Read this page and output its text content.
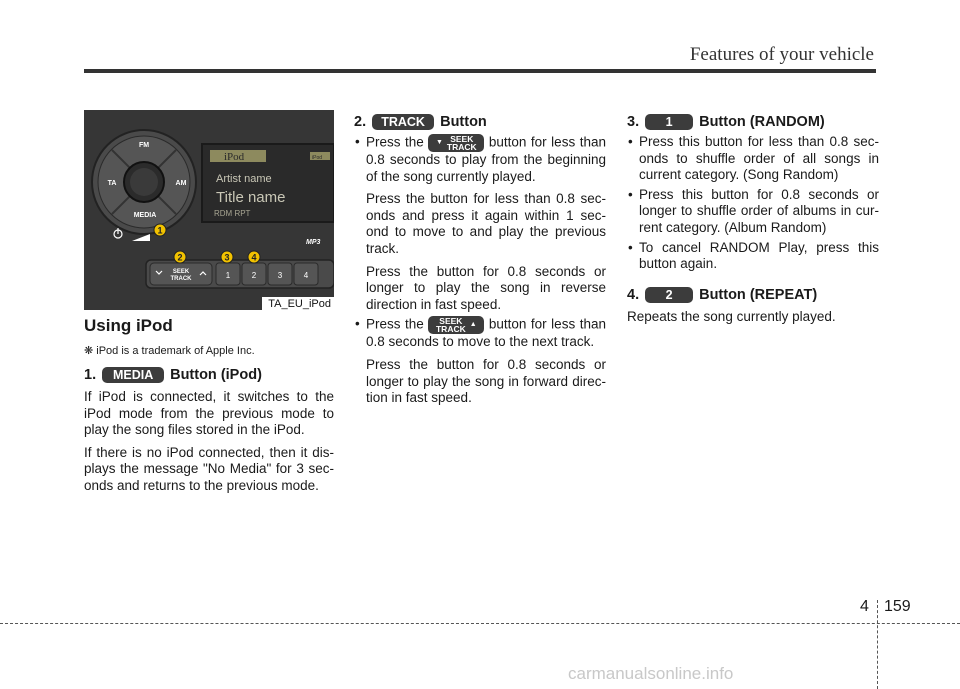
Features of your vehicle
FM
TA	AM
MEDIA
iPod	iPod
Artist name
Title name
RDM RPT
MP3
SEEK
TRACK	1	2	3	4
1
2	3 4
TA_EU_iPod
Using iPod
❋ iPod is a trademark of Apple Inc.
1.	MEDIA	Button (iPod)
If iPod is connected, it switches to the iPod mode from the previous mode to play the song files stored in the iPod.
If there is no iPod connected, then it dis-plays the message "No Media" for 3 sec-onds and returns to the previous mode.
2.	TRACK	Button
• Press the ▼ SEEK
TRACK button for less than 0.8 seconds to play from the beginning of the song currently played.
Press the button for less than 0.8 sec-onds and press it again within 1 sec-ond to move to and play the previous track.
Press the button for 0.8 seconds or longer to play the song in reverse direction in fast speed.
• Press the	SEEK
TRACK ▲ button for less than 0.8 seconds to move to the next track.
Press the button for 0.8 seconds or longer to play the song in forward direc-tion in fast speed.
3.	1	Button (RANDOM)
• Press this button for less than 0.8 sec-onds to shuffle order of all songs in current category. (Song Random)
• Press this button for 0.8 seconds or longer to shuffle order of albums in cur-rent category. (Album Random)
• To cancel RANDOM Play, press this button again.
4.	2	Button (REPEAT)
Repeats the song currently played.
4 159
carmanualsonline.info
